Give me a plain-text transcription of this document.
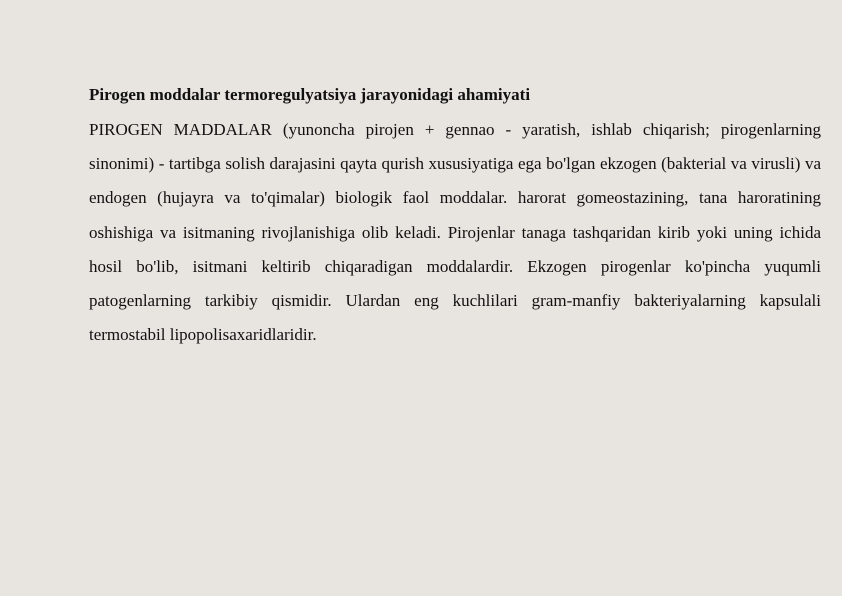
Pirogen moddalar termoregulyatsiya jarayonidagi ahamiyati

PIROGEN MADDALAR (yunoncha pirojen + gennao - yaratish, ishlab chiqarish; pirogenlarning sinonimi) - tartibga solish darajasini qayta qurish xususiyatiga ega bo'lgan ekzogen (bakterial va virusli) va endogen (hujayra va to'qimalar) biologik faol moddalar. harorat gomeostazining, tana haroratining oshishiga va isitmaning rivojlanishiga olib keladi. Pirojenlar tanaga tashqaridan kirib yoki uning ichida hosil bo'lib, isitmani keltirib chiqaradigan moddalardir. Ekzogen pirogenlar ko'pincha yuqumli patogenlarning tarkibiy qismidir. Ulardan eng kuchlilari gram-manfiy bakteriyalarning kapsulali termostabil lipopolisaxaridlaridir.
